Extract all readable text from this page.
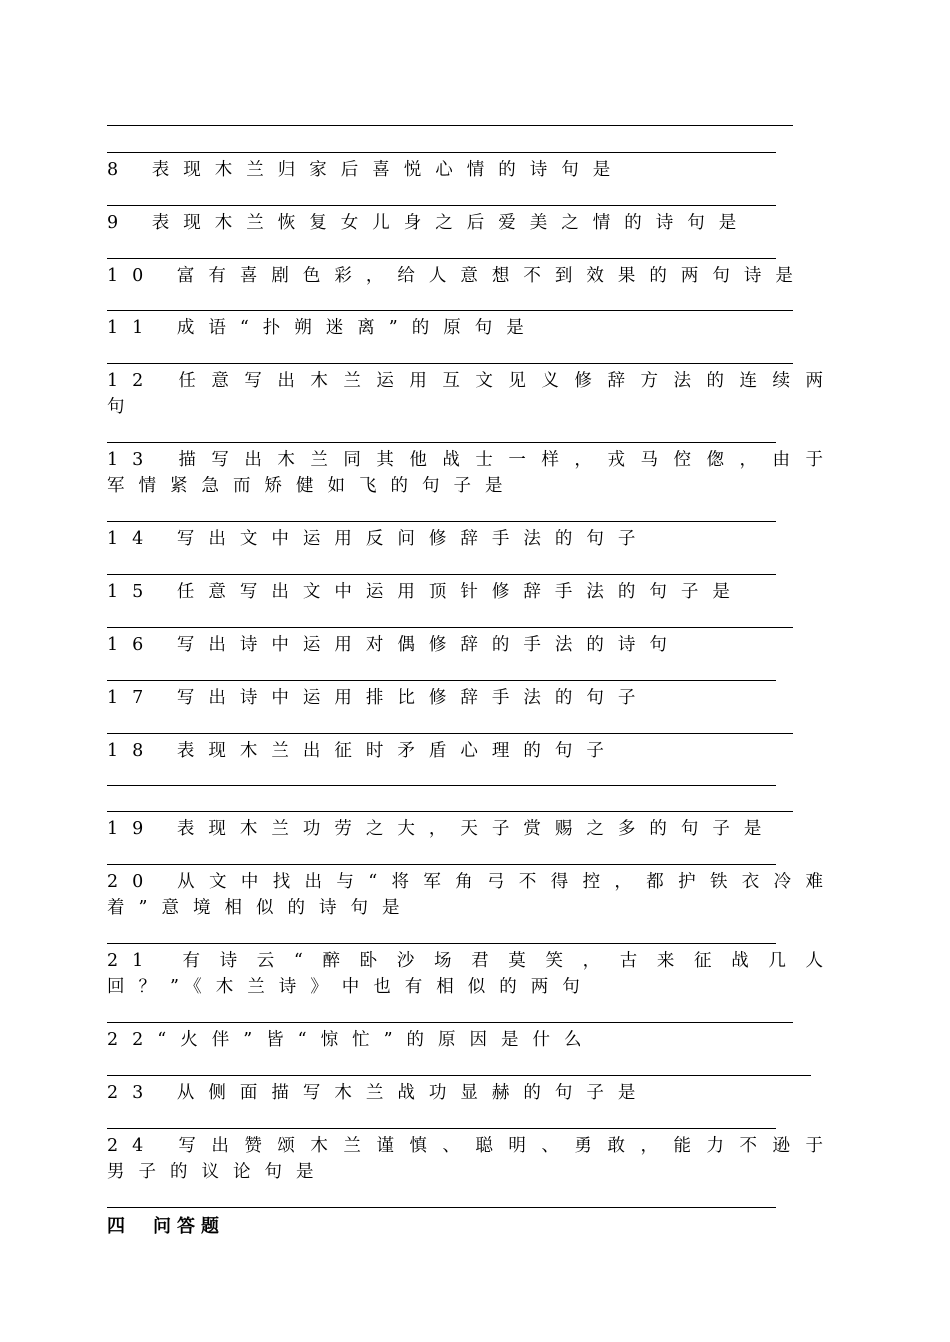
8 表现木兰归家后喜悦心情的诗句是
9 表现木兰恢复女儿身之后爱美之情的诗句是
10 富有喜剧色彩，给人意想不到效果的两句诗是
11 成语“扑朔迷离”的原句是
12 任意写出木兰运用互文见义修辞方法的连续两句
13 描写出木兰同其他战士一样，戎马倥偬，由于军情紧急而矫健如飞的句子是
14 写出文中运用反问修辞手法的句子
15 任意写出文中运用顶针修辞手法的句子是
16 写出诗中运用对偶修辞的手法的诗句
17 写出诗中运用排比修辞手法的句子
18 表现木兰出征时矛盾心理的句子
19 表现木兰功劳之大，天子赏赐之多的句子是
20 从文中找出与“将军角弓不得控，都护铁衣冷难着”意境相似的诗句是
21 有诗云“醉卧沙场君莫笑，古来征战几人回？”《木兰诗》中也有相似的两句
22“火伴”皆“惊忙”的原因是什么
23 从侧面描写木兰战功显赫的句子是
24 写出赞颂木兰谨慎、聪明、勇敢，能力不逊于男子的议论句是
四 问答题
